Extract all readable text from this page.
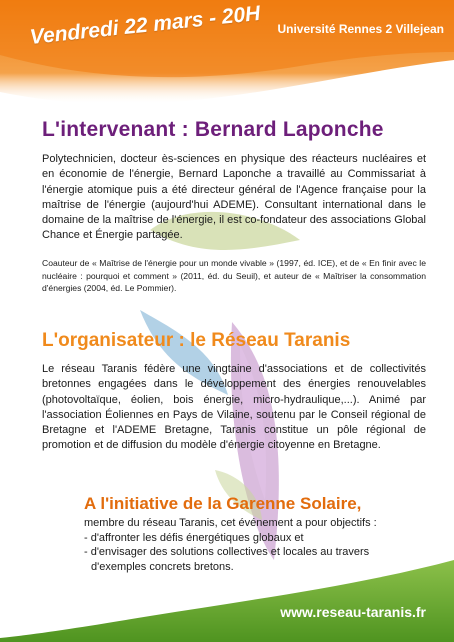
Vendredi 22 mars - 20H Université Rennes 2 Villejean
L'intervenant : Bernard Laponche
Polytechnicien, docteur ès-sciences en physique des réacteurs nucléaires et en économie de l'énergie, Bernard Laponche a travaillé au Commissariat à l'énergie atomique puis a été directeur général de l'Agence française pour la maîtrise de l'énergie (aujourd'hui ADEME). Consultant international dans le domaine de la maîtrise de l'énergie, il est co-fondateur des associations Global Chance et Énergie partagée.
Coauteur de « Maîtrise de l'énergie pour un monde vivable » (1997, éd. ICE), et de « En finir avec le nucléaire : pourquoi et comment » (2011, éd. du Seuil), et auteur de « Maîtriser la consommation d'énergies (2004, éd. Le Pommier).
L'organisateur : le Réseau Taranis
Le réseau Taranis fédère une vingtaine d'associations et de collectivités bretonnes engagées dans le développement des énergies renouvelables (photovoltaïque, éolien, bois énergie, micro-hydraulique,...). Animé par l'association Éoliennes en Pays de Vilaine, soutenu par le Conseil régional de Bretagne et l'ADEME Bretagne, Taranis constitue un pôle régional de promotion et de diffusion du modèle d'énergie citoyenne en Bretagne.
A l'initiative de la Garenne Solaire,
membre du réseau Taranis, cet événement a pour objectifs :
- d'affronter les défis énergétiques globaux et
- d'envisager des solutions collectives et locales au travers
d'exemples concrets bretons.
www.reseau-taranis.fr
